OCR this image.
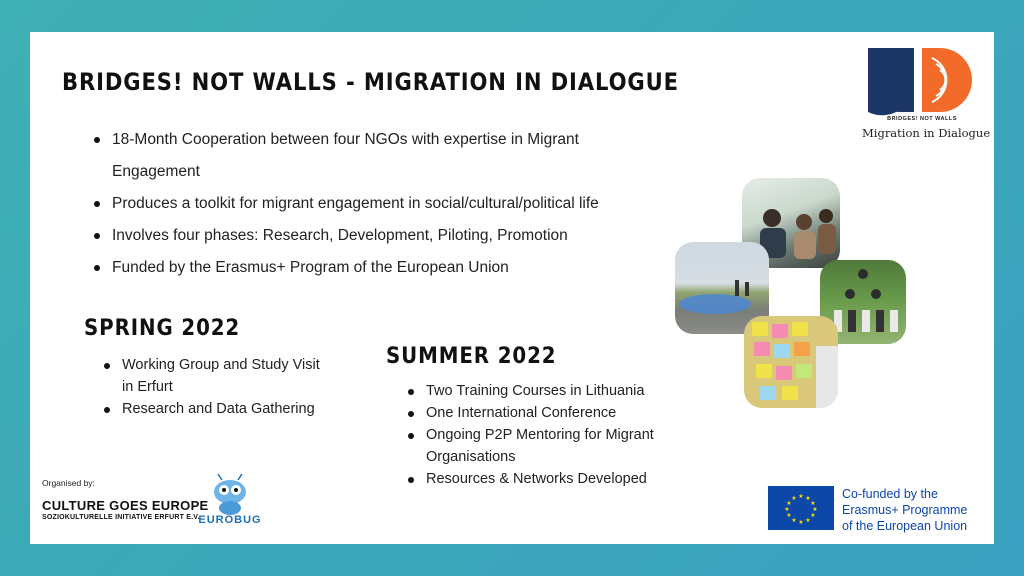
BRIDGES! NOT WALLS - MIGRATION IN DIALOGUE
18-Month Cooperation between four NGOs with expertise in Migrant Engagement
Produces a toolkit for migrant engagement in social/cultural/political life
Involves four phases: Research, Development, Piloting, Promotion
Funded by the Erasmus+ Program of the European Union
SPRING 2022
Working Group and Study Visit in Erfurt
Research and Data Gathering
SUMMER 2022
Two Training Courses in Lithuania
One International Conference
Ongoing P2P Mentoring for Migrant Organisations
Resources & Networks Developed
BRIDGES! NOT WALLS
Migration in Dialogue
Organised by:
CULTURE GOES EUROPE
SOZIOKULTURELLE INITIATIVE ERFURT E.V.
EUROBUG
★ ★
★
★
★
★
★
★
★
★
★
★	Co-funded by the
Erasmus+ Programme
of the European Union
